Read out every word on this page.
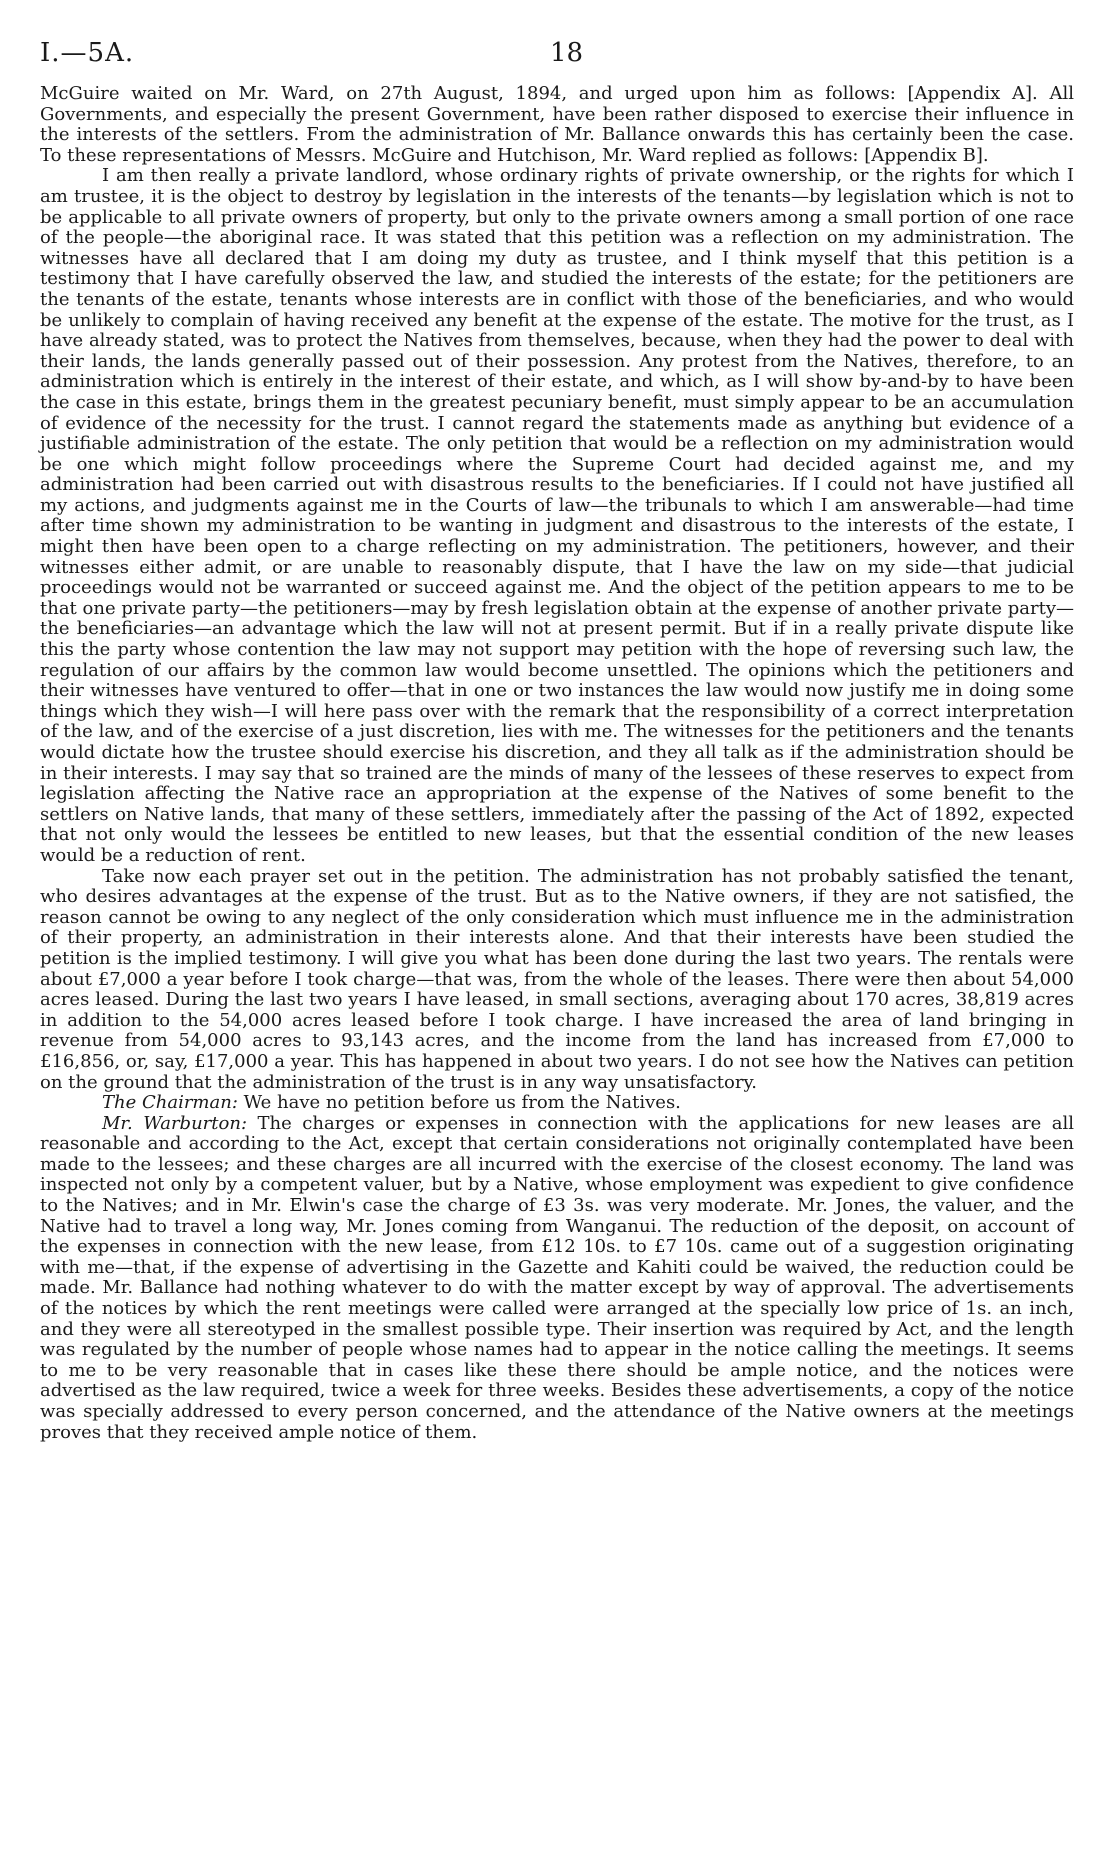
I.—5A.	18

McGuire waited on Mr. Ward, on 27th August, 1894, and urged upon him as follows: [Appendix A]. All Governments, and especially the present Government, have been rather disposed to exercise their influence in the interests of the settlers. From the administration of Mr. Ballance onwards this has certainly been the case. To these representations of Messrs. McGuire and Hutchison, Mr. Ward replied as follows: [Appendix B].

I am then really a private landlord, whose ordinary rights of private ownership, or the rights for which I am trustee, it is the object to destroy by legislation in the interests of the tenants—by legislation which is not to be applicable to all private owners of property, but only to the private owners among a small portion of one race of the people—the aboriginal race. It was stated that this petition was a reflection on my administration. The witnesses have all declared that I am doing my duty as trustee, and I think myself that this petition is a testimony that I have carefully observed the law, and studied the interests of the estate; for the petitioners are the tenants of the estate, tenants whose interests are in conflict with those of the beneficiaries, and who would be unlikely to complain of having received any benefit at the expense of the estate. The motive for the trust, as I have already stated, was to protect the Natives from themselves, because, when they had the power to deal with their lands, the lands generally passed out of their possession. Any protest from the Natives, therefore, to an administration which is entirely in the interest of their estate, and which, as I will show by-and-by to have been the case in this estate, brings them in the greatest pecuniary benefit, must simply appear to be an accumulation of evidence of the necessity for the trust. I cannot regard the statements made as anything but evidence of a justifiable administration of the estate. The only petition that would be a reflection on my administration would be one which might follow proceedings where the Supreme Court had decided against me, and my administration had been carried out with disastrous results to the beneficiaries. If I could not have justified all my actions, and judgments against me in the Courts of law—the tribunals to which I am answerable—had time after time shown my administration to be wanting in judgment and disastrous to the interests of the estate, I might then have been open to a charge reflecting on my administration. The petitioners, however, and their witnesses either admit, or are unable to reasonably dispute, that I have the law on my side—that judicial proceedings would not be warranted or succeed against me. And the object of the petition appears to me to be that one private party—the petitioners—may by fresh legislation obtain at the expense of another private party—the beneficiaries—an advantage which the law will not at present permit. But if in a really private dispute like this the party whose contention the law may not support may petition with the hope of reversing such law, the regulation of our affairs by the common law would become unsettled. The opinions which the petitioners and their witnesses have ventured to offer—that in one or two instances the law would now justify me in doing some things which they wish—I will here pass over with the remark that the responsibility of a correct interpretation of the law, and of the exercise of a just discretion, lies with me. The witnesses for the petitioners and the tenants would dictate how the trustee should exercise his discretion, and they all talk as if the administration should be in their interests. I may say that so trained are the minds of many of the lessees of these reserves to expect from legislation affecting the Native race an appropriation at the expense of the Natives of some benefit to the settlers on Native lands, that many of these settlers, immediately after the passing of the Act of 1892, expected that not only would the lessees be entitled to new leases, but that the essential condition of the new leases would be a reduction of rent.

Take now each prayer set out in the petition. The administration has not probably satisfied the tenant, who desires advantages at the expense of the trust. But as to the Native owners, if they are not satisfied, the reason cannot be owing to any neglect of the only consideration which must influence me in the administration of their property, an administration in their interests alone. And that their interests have been studied the petition is the implied testimony. I will give you what has been done during the last two years. The rentals were about £7,000 a year before I took charge—that was, from the whole of the leases. There were then about 54,000 acres leased. During the last two years I have leased, in small sections, averaging about 170 acres, 38,819 acres in addition to the 54,000 acres leased before I took charge. I have increased the area of land bringing in revenue from 54,000 acres to 93,143 acres, and the income from the land has increased from £7,000 to £16,856, or, say, £17,000 a year. This has happened in about two years. I do not see how the Natives can petition on the ground that the administration of the trust is in any way unsatisfactory.

The Chairman: We have no petition before us from the Natives.

Mr. Warburton: The charges or expenses in connection with the applications for new leases are all reasonable and according to the Act, except that certain considerations not originally contemplated have been made to the lessees; and these charges are all incurred with the exercise of the closest economy. The land was inspected not only by a competent valuer, but by a Native, whose employment was expedient to give confidence to the Natives; and in Mr. Elwin's case the charge of £3 3s. was very moderate. Mr. Jones, the valuer, and the Native had to travel a long way, Mr. Jones coming from Wanganui. The reduction of the deposit, on account of the expenses in connection with the new lease, from £12 10s. to £7 10s. came out of a suggestion originating with me—that, if the expense of advertising in the Gazette and Kahiti could be waived, the reduction could be made. Mr. Ballance had nothing whatever to do with the matter except by way of approval. The advertisements of the notices by which the rent meetings were called were arranged at the specially low price of 1s. an inch, and they were all stereotyped in the smallest possible type. Their insertion was required by Act, and the length was regulated by the number of people whose names had to appear in the notice calling the meetings. It seems to me to be very reasonable that in cases like these there should be ample notice, and the notices were advertised as the law required, twice a week for three weeks. Besides these advertisements, a copy of the notice was specially addressed to every person concerned, and the attendance of the Native owners at the meetings proves that they received ample notice of them.
